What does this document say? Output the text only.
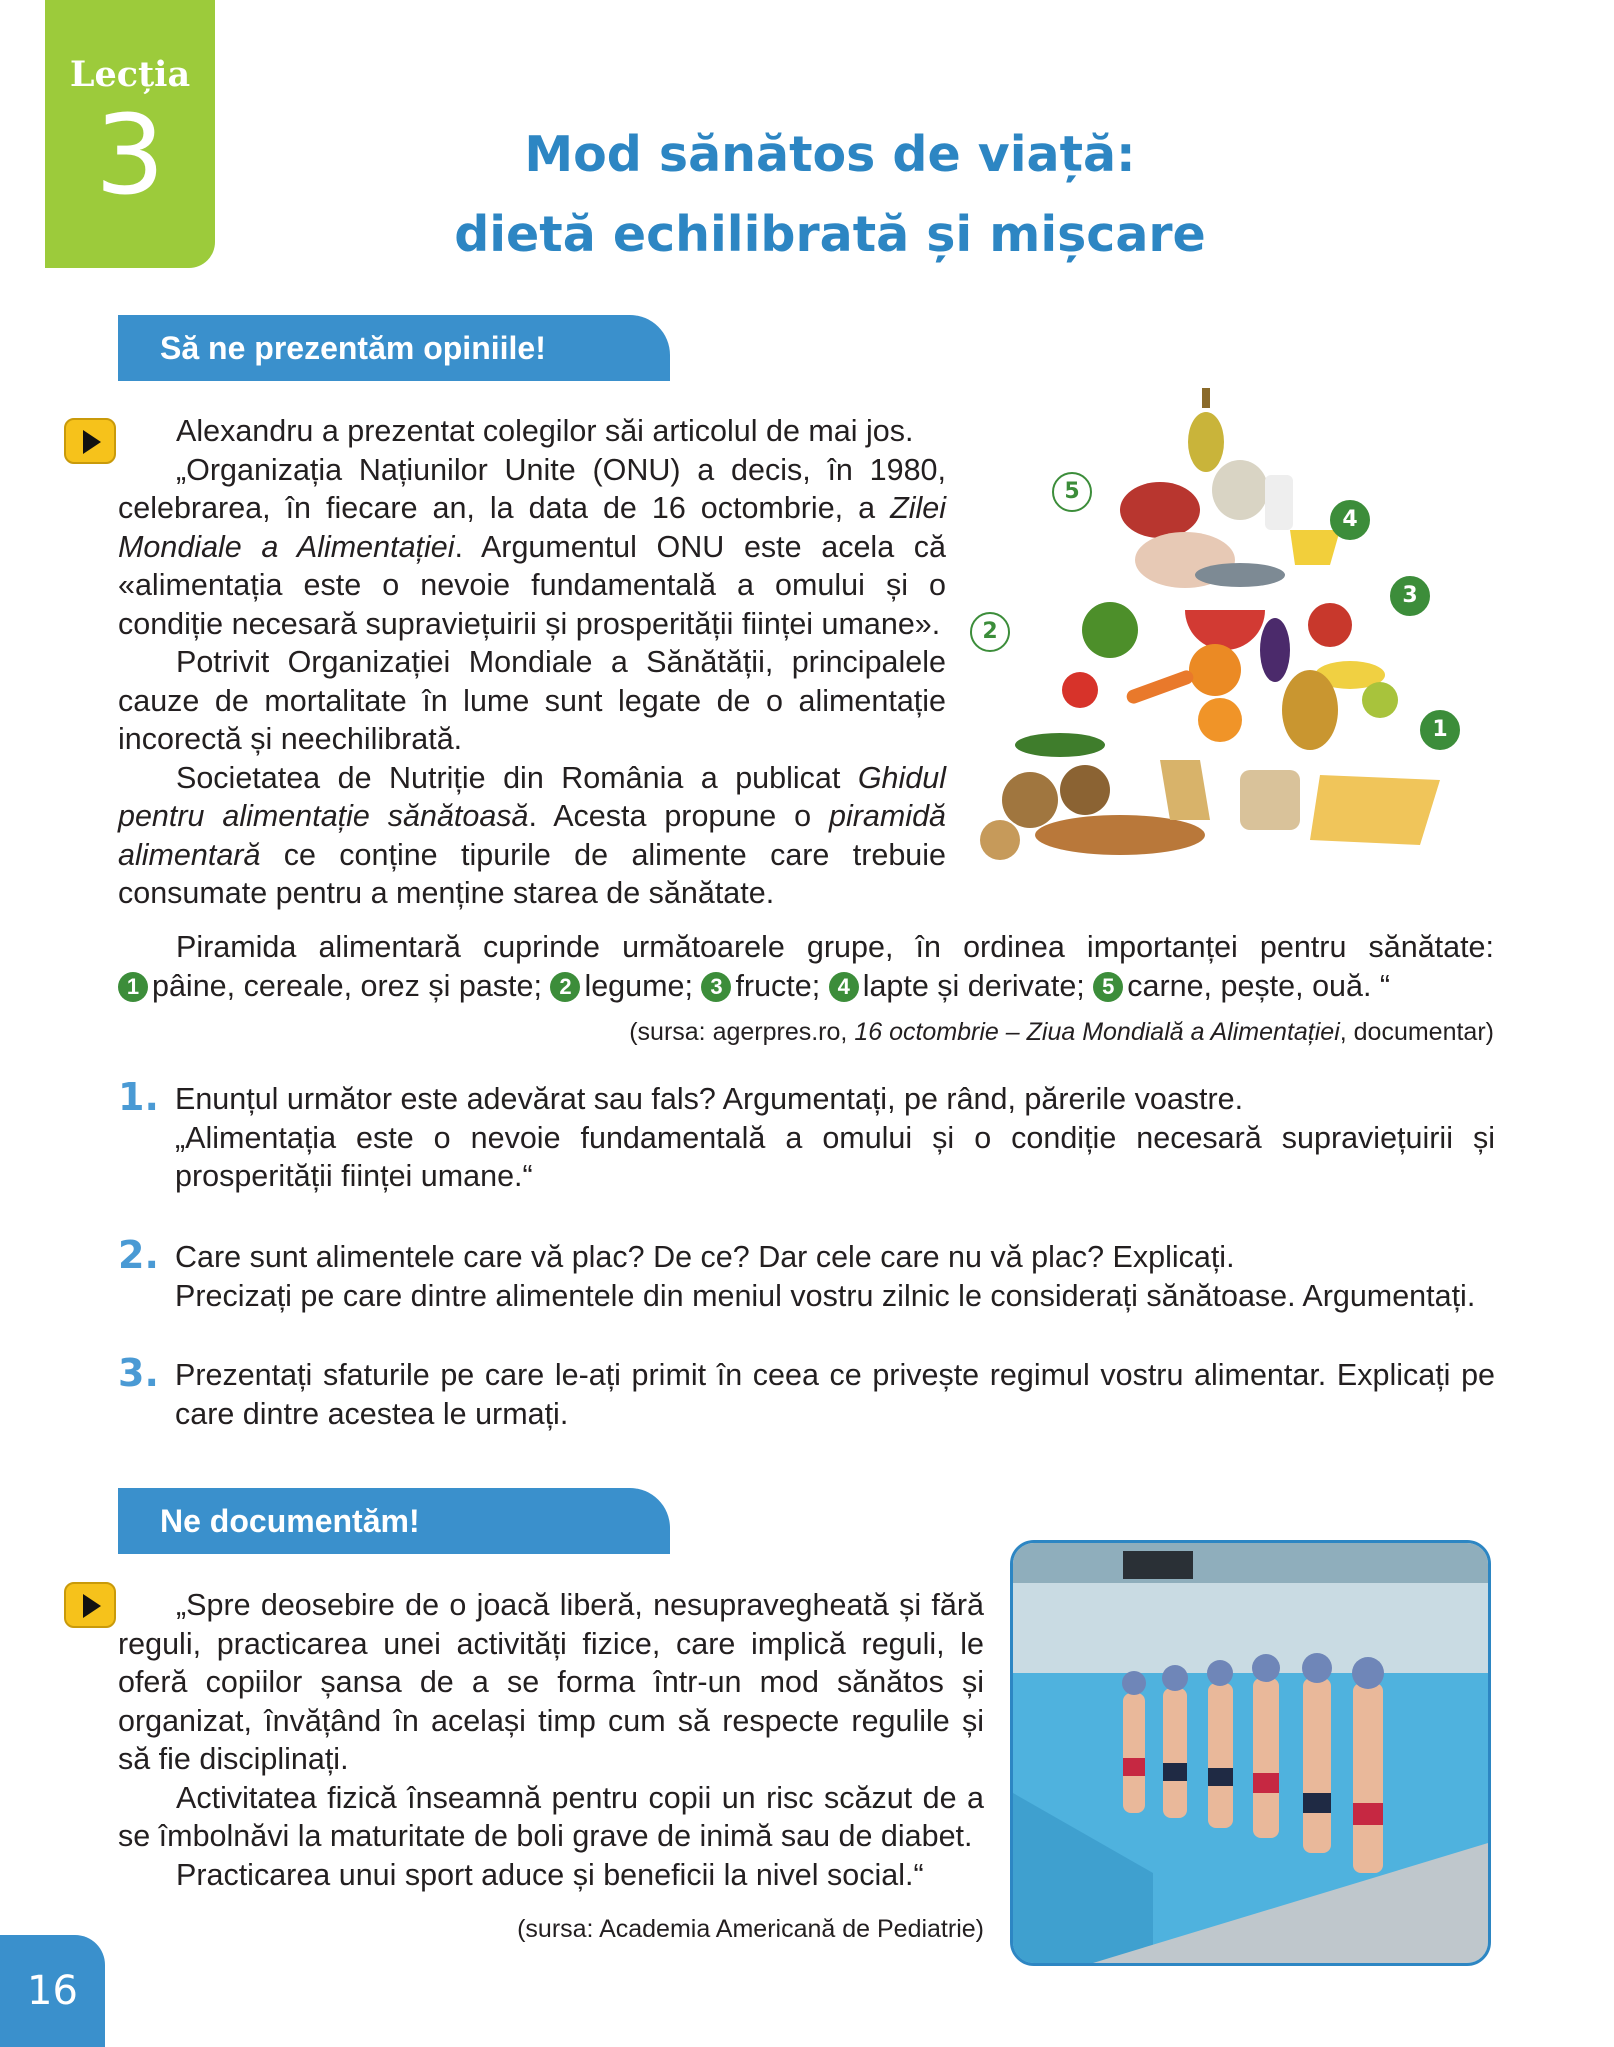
Lecția
3	Mod sănătos de viață:
dietă echilibrată și mișcare
Să ne prezentăm opiniile!

Alexandru a prezentat colegilor săi articolul de mai jos.

„Organizația Națiunilor Unite (ONU) a decis, în 1980, celebrarea, în fiecare an, la data de 16 octombrie, a Zilei Mondiale a Alimentației. Argumentul ONU este acela că «alimentația este o nevoie fundamentală a omului și o condiție necesară supraviețuirii și prosperității ființei umane».

Potrivit Organizației Mondiale a Sănătății, principalele cauze de mortalitate în lume sunt legate de o alimentație incorectă și neechilibrată.

Societatea de Nutriție din România a publicat Ghidul pentru alimentație sănătoasă. Acesta propune o piramidă alimentară ce conține tipurile de alimente care trebuie consumate pentru a menține starea de sănătate.

Piramida alimentară cuprinde următoarele grupe, în ordinea importanței pentru sănătate:

1 pâine, cereale, orez și paste; 2 legume; 3 fructe; 4 lapte și derivate; 5 carne, pește, ouă. “

(sursa: agerpres.ro, 16 octombrie – Ziua Mondială a Alimentației, documentar)
5
4
3
2
1
1. Enunțul următor este adevărat sau fals? Argumentați, pe rând, părerile voastre.
„Alimentația este o nevoie fundamentală a omului și o condiție necesară supraviețuirii și prosperității ființei umane.“
2. Care sunt alimentele care vă plac? De ce? Dar cele care nu vă plac? Explicați.
Precizați pe care dintre alimentele din meniul vostru zilnic le considerați sănătoase. Argumentați.
3. Prezentați sfaturile pe care le-ați primit în ceea ce privește regimul vostru alimentar. Explicați pe care dintre acestea le urmați.
Ne documentăm!

„Spre deosebire de o joacă liberă, nesupravegheată și fără reguli, practicarea unei activități fizice, care implică reguli, le oferă copiilor șansa de a se forma într-un mod sănătos și organizat, învățând în același timp cum să respecte regulile și să fie disciplinați.

Activitatea fizică înseamnă pentru copii un risc scăzut de a se îmbolnăvi la maturitate de boli grave de inimă sau de diabet.

Practicarea unui sport aduce și beneficii la nivel social.“

(sursa: Academia Americană de Pediatrie)
16
